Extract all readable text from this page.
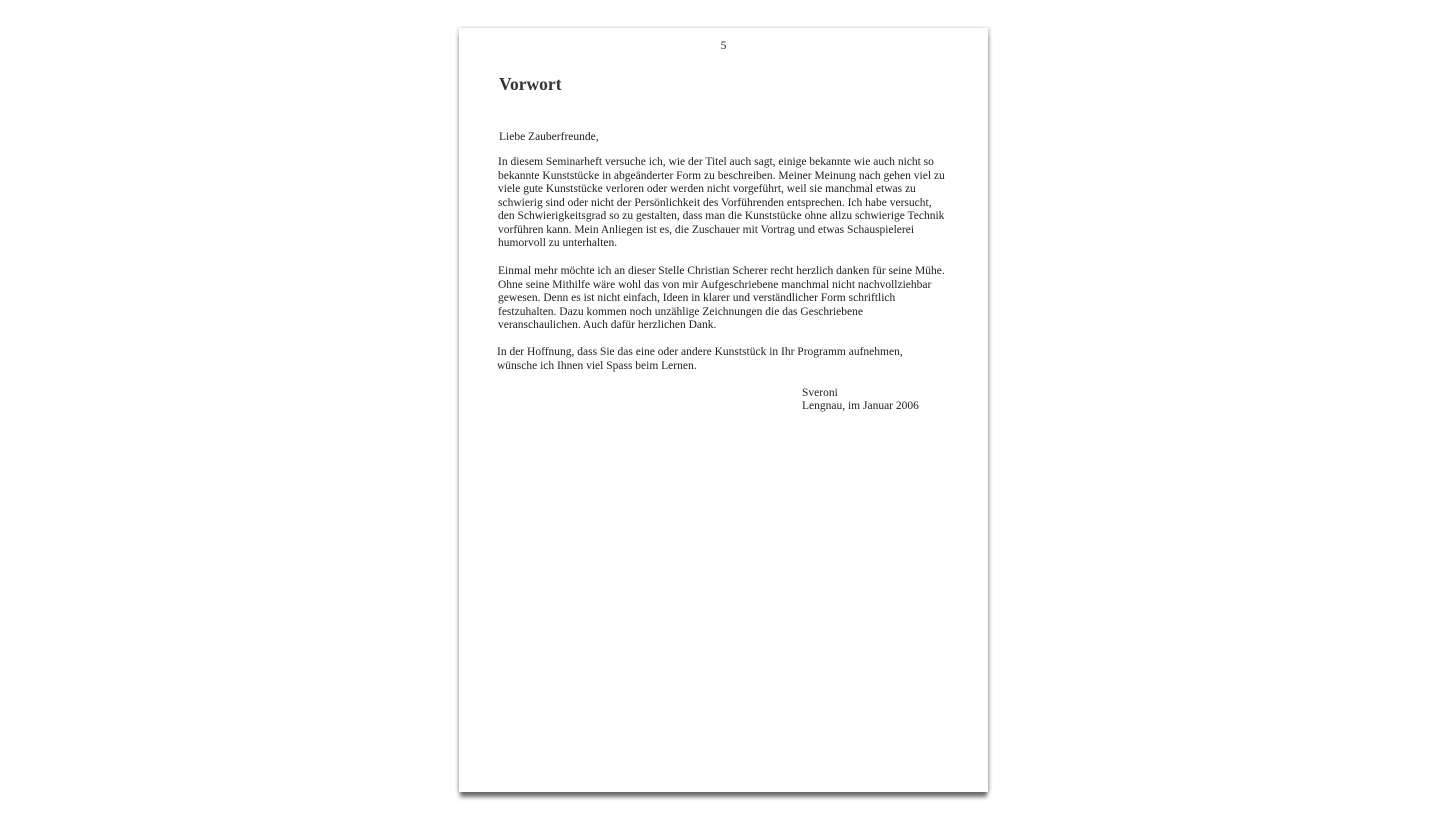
5
Vorwort

Liebe Zauberfreunde,

In diesem Seminarheft versuche ich, wie der Titel auch sagt, einige bekannte wie auch nicht so
bekannte Kunststücke in abgeänderter Form zu beschreiben. Meiner Meinung nach gehen viel zu
viele gute Kunststücke verloren oder werden nicht vorgeführt, weil sie manchmal etwas zu
schwierig sind oder nicht der Persönlichkeit des Vorführenden entsprechen. Ich habe versucht,
den Schwierigkeitsgrad so zu gestalten, dass man die Kunststücke ohne allzu schwierige Technik
vorführen kann. Mein Anliegen ist es, die Zuschauer mit Vortrag und etwas Schauspielerei
humorvoll zu unterhalten.

Einmal mehr möchte ich an dieser Stelle Christian Scherer recht herzlich danken für seine Mühe.
Ohne seine Mithilfe wäre wohl das von mir Aufgeschriebene manchmal nicht nachvollziehbar
gewesen. Denn es ist nicht einfach, Ideen in klarer und verständlicher Form schriftlich
festzuhalten. Dazu kommen noch unzählige Zeichnungen die das Geschriebene
veranschaulichen. Auch dafür herzlichen Dank.

In der Hoffnung, dass Sie das eine oder andere Kunststück in Ihr Programm aufnehmen,
wünsche ich Ihnen viel Spass beim Lernen.

Sveroni
Lengnau, im Januar 2006
